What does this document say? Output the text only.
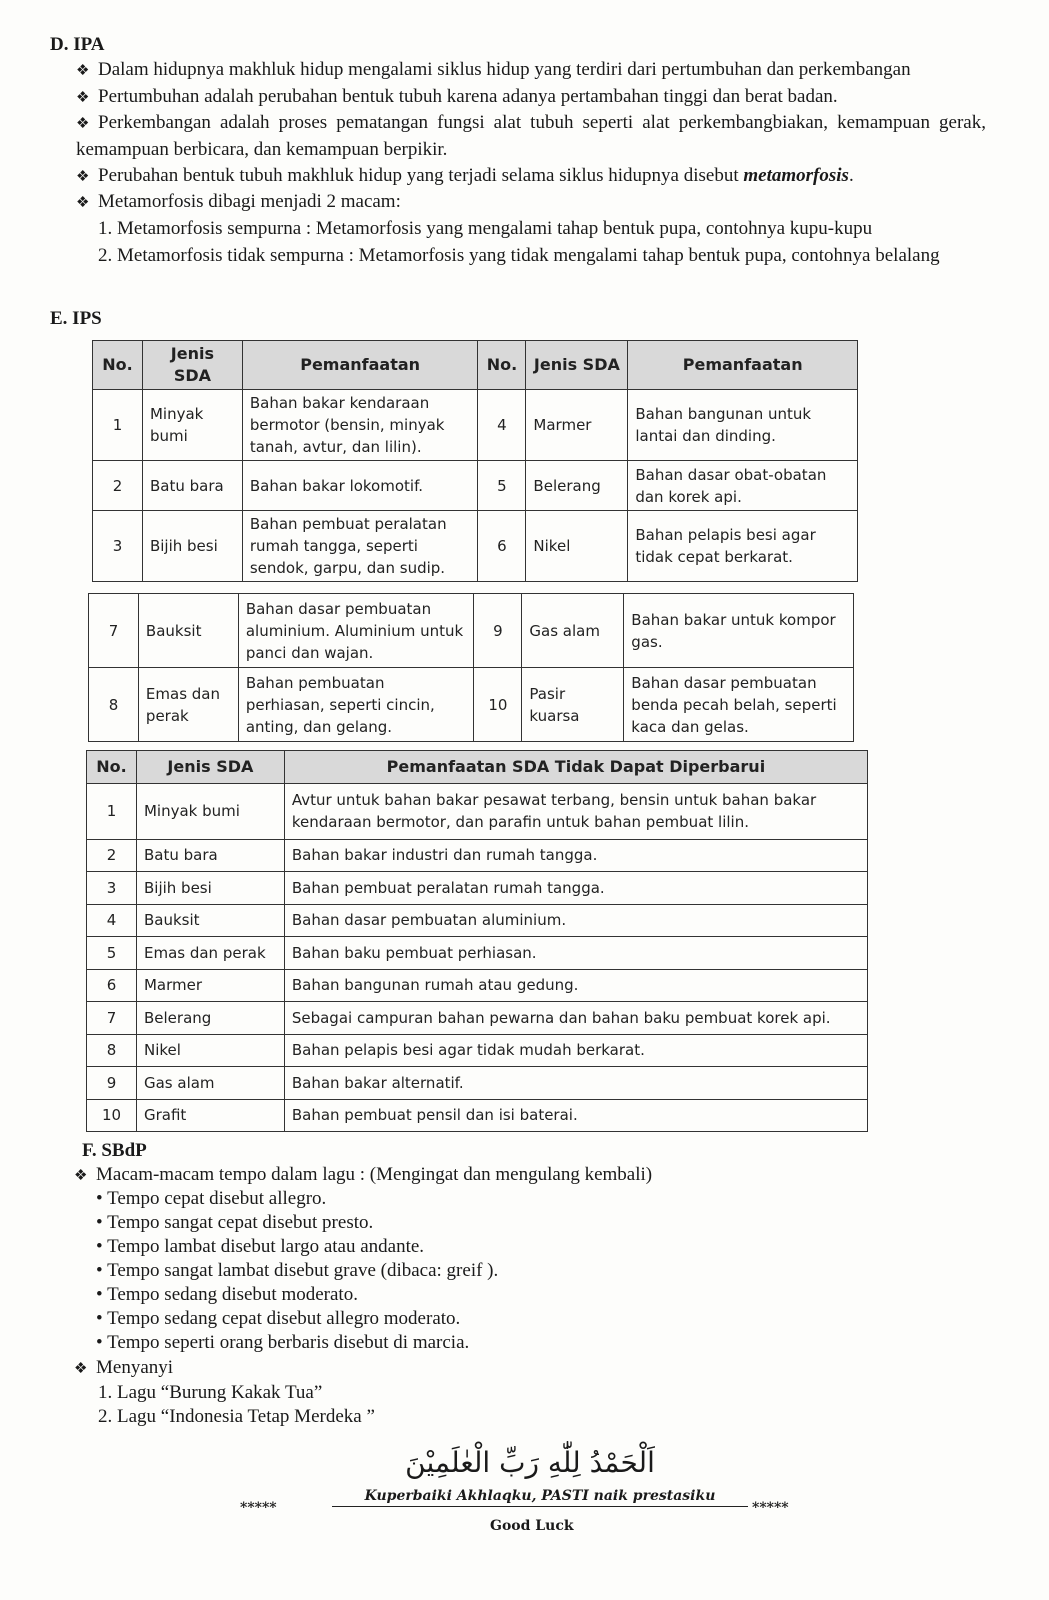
D. IPA
❖ Dalam hidupnya makhluk hidup mengalami siklus hidup yang terdiri dari pertumbuhan dan perkembangan
❖ Pertumbuhan adalah perubahan bentuk tubuh karena adanya pertambahan tinggi dan berat badan.
❖ Perkembangan adalah proses pematangan fungsi alat tubuh seperti alat perkembangbiakan, kemampuan gerak, kemampuan berbicara, dan kemampuan berpikir.
❖ Perubahan bentuk tubuh makhluk hidup yang terjadi selama siklus hidupnya disebut metamorfosis.
❖ Metamorfosis dibagi menjadi 2 macam:
1. Metamorfosis sempurna : Metamorfosis yang mengalami tahap bentuk pupa, contohnya kupu-kupu
2. Metamorfosis tidak sempurna : Metamorfosis yang tidak mengalami tahap bentuk pupa, contohnya belalang
E. IPS
No.	Jenis SDA	Pemanfaatan	No.	Jenis SDA	Pemanfaatan
1	Minyak bumi	Bahan bakar kendaraan bermotor (bensin, minyak tanah, avtur, dan lilin).	4	Marmer	Bahan bangunan untuk lantai dan dinding.
2	Batu bara	Bahan bakar lokomotif.	5	Belerang	Bahan dasar obat-obatan dan korek api.
3	Bijih besi	Bahan pembuat peralatan rumah tangga, seperti sendok, garpu, dan sudip.	6	Nikel	Bahan pelapis besi agar tidak cepat berkarat.
7	Bauksit	Bahan dasar pembuatan aluminium. Aluminium untuk panci dan wajan.	9	Gas alam	Bahan bakar untuk kompor gas.
8	Emas dan perak	Bahan pembuatan perhiasan, seperti cincin, anting, dan gelang.	10	Pasir kuarsa	Bahan dasar pembuatan benda pecah belah, seperti kaca dan gelas.
No.	Jenis SDA	Pemanfaatan SDA Tidak Dapat Diperbarui
1	Minyak bumi	Avtur untuk bahan bakar pesawat terbang, bensin untuk bahan bakar kendaraan bermotor, dan parafin untuk bahan pembuat lilin.
2	Batu bara	Bahan bakar industri dan rumah tangga.
3	Bijih besi	Bahan pembuat peralatan rumah tangga.
4	Bauksit	Bahan dasar pembuatan aluminium.
5	Emas dan perak	Bahan baku pembuat perhiasan.
6	Marmer	Bahan bangunan rumah atau gedung.
7	Belerang	Sebagai campuran bahan pewarna dan bahan baku pembuat korek api.
8	Nikel	Bahan pelapis besi agar tidak mudah berkarat.
9	Gas alam	Bahan bakar alternatif.
10	Grafit	Bahan pembuat pensil dan isi baterai.
F. SBdP
❖ Macam-macam tempo dalam lagu : (Mengingat dan mengulang kembali)
• Tempo cepat disebut allegro.
• Tempo sangat cepat disebut presto.
• Tempo lambat disebut largo atau andante.
• Tempo sangat lambat disebut grave (dibaca: greif ).
• Tempo sedang disebut moderato.
• Tempo sedang cepat disebut allegro moderato.
• Tempo seperti orang berbaris disebut di marcia.
❖ Menyanyi
1. Lagu “Burung Kakak Tua”
2. Lagu “Indonesia Tetap Merdeka ”
اَلْحَمْدُ لِلّٰهِ رَبِّ الْعٰلَمِيْنَ
*****
Kuperbaiki Akhlaqku, PASTI naik prestasiku
*****
Good Luck
